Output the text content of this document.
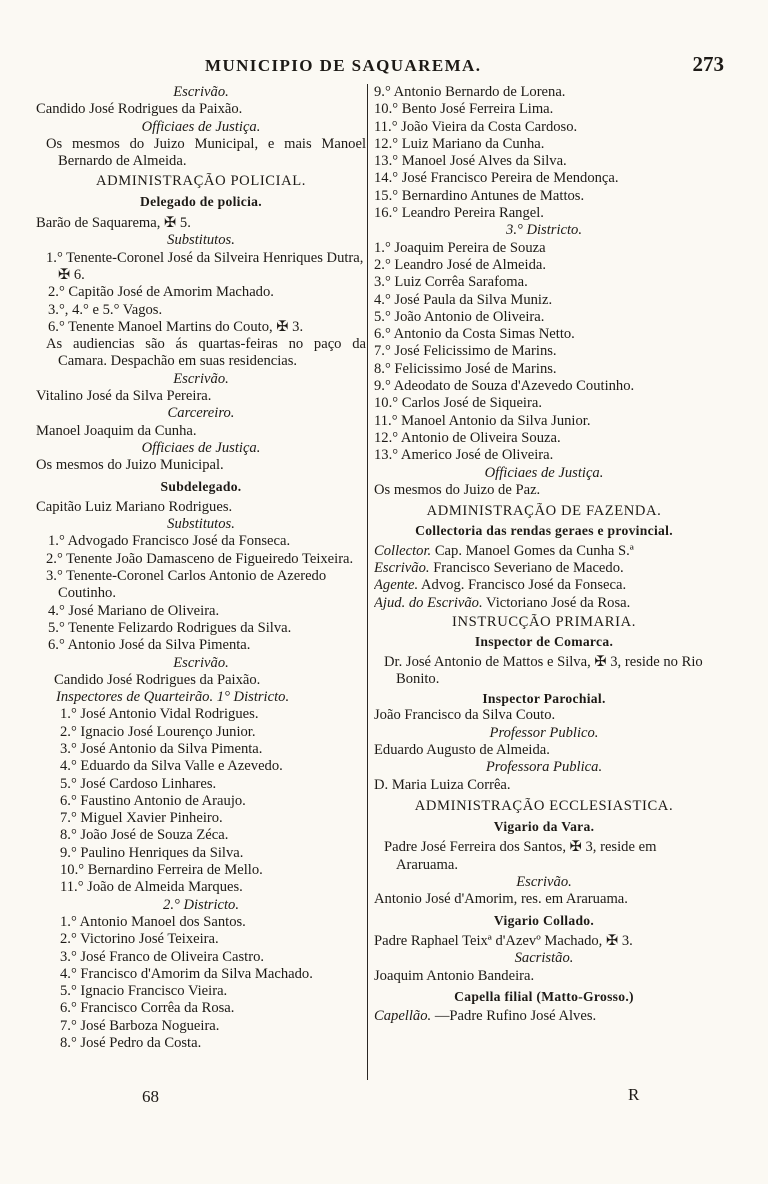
MUNICIPIO DE SAQUAREMA.	273
Escrivão.
Candido José Rodrigues da Paixão.
Officiaes de Justiça.
Os mesmos do Juizo Municipal, e mais Manoel Bernardo de Almeida.
ADMINISTRAÇÃO POLICIAL.
Delegado de policia.
Barão de Saquarema, ✠ 5.
Substitutos.
1.° Tenente-Coronel José da Silveira Henriques Dutra, ✠ 6.
2.° Capitão José de Amorim Machado.
3.°, 4.° e 5.° Vagos.
6.° Tenente Manoel Martins do Couto, ✠ 3.
As audiencias são ás quartas-feiras no paço da Camara. Despachão em suas residencias.
Escrivão.
Vitalino José da Silva Pereira.
Carcereiro.
Manoel Joaquim da Cunha.
Officiaes de Justiça.
Os mesmos do Juizo Municipal.
Subdelegado.
Capitão Luiz Mariano Rodrigues.
Substitutos.
1.° Advogado Francisco José da Fonseca.
2.° Tenente João Damasceno de Figueiredo Teixeira.
3.° Tenente-Coronel Carlos Antonio de Azeredo Coutinho.
4.° José Mariano de Oliveira.
5.° Tenente Felizardo Rodrigues da Silva.
6.° Antonio José da Silva Pimenta.
Escrivão.
Candido José Rodrigues da Paixão.
Inspectores de Quarteirão. 1° Districto.
1.° José Antonio Vidal Rodrigues.
2.° Ignacio José Lourenço Junior.
3.° José Antonio da Silva Pimenta.
4.° Eduardo da Silva Valle e Azevedo.
5.° José Cardoso Linhares.
6.° Faustino Antonio de Araujo.
7.° Miguel Xavier Pinheiro.
8.° João José de Souza Zéca.
9.° Paulino Henriques da Silva.
10.° Bernardino Ferreira de Mello.
11.° João de Almeida Marques.
2.° Districto.
1.° Antonio Manoel dos Santos.
2.° Victorino José Teixeira.
3.° José Franco de Oliveira Castro.
4.° Francisco d'Amorim da Silva Machado.
5.° Ignacio Francisco Vieira.
6.° Francisco Corrêa da Rosa.
7.° José Barboza Nogueira.
8.° José Pedro da Costa.
9.° Antonio Bernardo de Lorena.
10.° Bento José Ferreira Lima.
11.° João Vieira da Costa Cardoso.
12.° Luiz Mariano da Cunha.
13.° Manoel José Alves da Silva.
14.° José Francisco Pereira de Mendonça.
15.° Bernardino Antunes de Mattos.
16.° Leandro Pereira Rangel.
3.° Districto.
1.° Joaquim Pereira de Souza
2.° Leandro José de Almeida.
3.° Luiz Corrêa Sarafoma.
4.° José Paula da Silva Muniz.
5.° João Antonio de Oliveira.
6.° Antonio da Costa Simas Netto.
7.° José Felicissimo de Marins.
8.° Felicissimo José de Marins.
9.° Adeodato de Souza d'Azevedo Coutinho.
10.° Carlos José de Siqueira.
11.° Manoel Antonio da Silva Junior.
12.° Antonio de Oliveira Souza.
13.° Americo José de Oliveira.
Officiaes de Justiça.
Os mesmos do Juizo de Paz.
ADMINISTRAÇÃO DE FAZENDA.
Collectoria das rendas geraes e provincial.
Collector. Cap. Manoel Gomes da Cunha S.ª
Escrivão. Francisco Severiano de Macedo.
Agente. Advog. Francisco José da Fonseca.
Ajud. do Escrivão. Victoriano José da Rosa.
INSTRUCÇÃO PRIMARIA.
Inspector de Comarca.
Dr. José Antonio de Mattos e Silva, ✠ 3, reside no Rio Bonito.
Inspector Parochial.
João Francisco da Silva Couto.
Professor Publico.
Eduardo Augusto de Almeida.
Professora Publica.
D. Maria Luiza Corrêa.
ADMINISTRAÇÃO ECCLESIASTICA.
Vigario da Vara.
Padre José Ferreira dos Santos, ✠ 3, reside em Araruama.
Escrivão.
Antonio José d'Amorim, res. em Araruama.
Vigario Collado.
Padre Raphael Teixª d'Azevº Machado, ✠ 3.
Sacristão.
Joaquim Antonio Bandeira.
Capella filial (Matto-Grosso.)
Capellão. —Padre Rufino José Alves.
68	R
